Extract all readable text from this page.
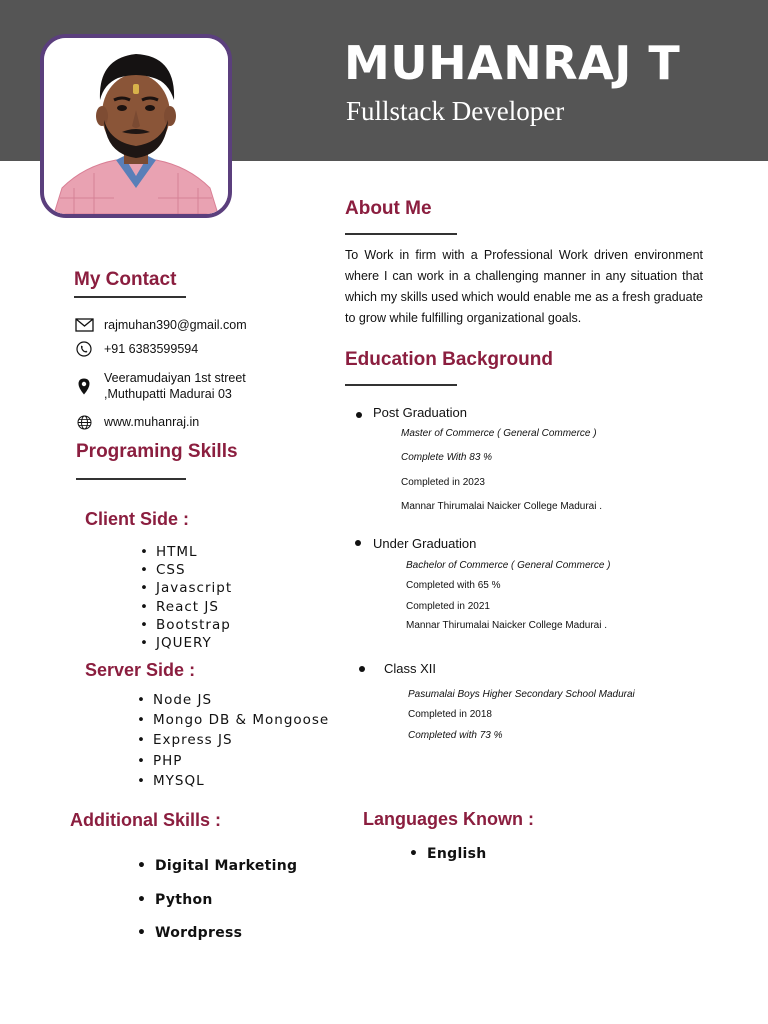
MUHANRAJ T
Fullstack Developer
About Me
To Work in firm with a Professional Work driven environment where I can work in a challenging manner in any situation that which my skills used which would enable me as a fresh graduate to grow while fulfilling organizational goals.
My Contact
rajmuhan390@gmail.com
+91 6383599594
Veeramudaiyan 1st street
,Muthupatti Madurai 03
www.muhanraj.in
Programing Skills
Client Side :
• HTML
• CSS
• Javascript
• React JS
• Bootstrap
• JQUERY
Server Side :
• Node JS
• Mongo DB & Mongoose
• Express JS
• PHP
• MYSQL
Education Background
Post Graduation
Master of Commerce ( General Commerce )
Complete With 83 %
Completed in 2023
Mannar Thirumalai Naicker College Madurai .
Under Graduation
Bachelor of Commerce ( General Commerce )
Completed with 65 %
Completed in 2021
Mannar Thirumalai Naicker College Madurai .
Class XII
Pasumalai Boys Higher Secondary School Madurai
Completed in 2018
Completed with 73 %
Additional Skills :
• Digital Marketing
• Python
• Wordpress
Languages Known :
• English
